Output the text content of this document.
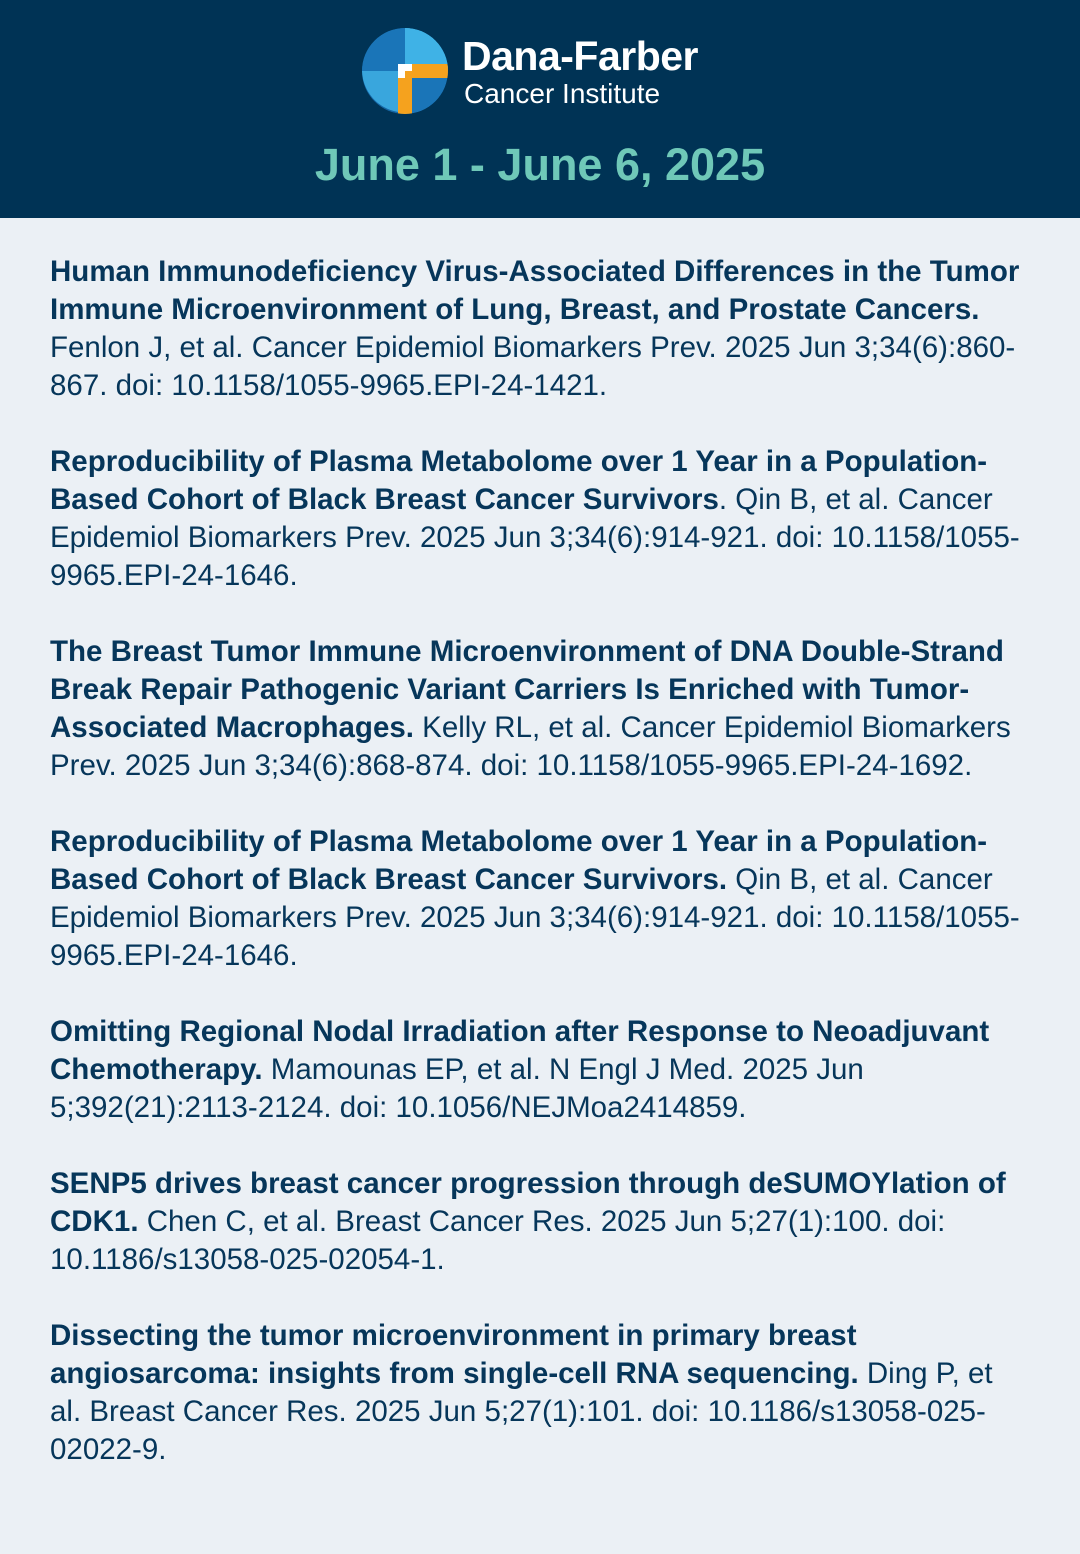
Dana-Farber
Cancer Institute
June 1 - June 6, 2025

Human Immunodeficiency Virus-Associated Differences in the Tumor Immune Microenvironment of Lung, Breast, and Prostate Cancers. Fenlon J, et al. Cancer Epidemiol Biomarkers Prev. 2025 Jun 3;34(6):860-867. doi: 10.1158/1055-9965.EPI-24-1421.

Reproducibility of Plasma Metabolome over 1 Year in a Population-Based Cohort of Black Breast Cancer Survivors. Qin B, et al. Cancer Epidemiol Biomarkers Prev. 2025 Jun 3;34(6):914-921. doi: 10.1158/1055-9965.EPI-24-1646.

The Breast Tumor Immune Microenvironment of DNA Double-Strand Break Repair Pathogenic Variant Carriers Is Enriched with Tumor-Associated Macrophages. Kelly RL, et al. Cancer Epidemiol Biomarkers Prev. 2025 Jun 3;34(6):868-874. doi: 10.1158/1055-9965.EPI-24-1692.

Reproducibility of Plasma Metabolome over 1 Year in a Population-Based Cohort of Black Breast Cancer Survivors. Qin B, et al. Cancer Epidemiol Biomarkers Prev. 2025 Jun 3;34(6):914-921. doi: 10.1158/1055-9965.EPI-24-1646.

Omitting Regional Nodal Irradiation after Response to Neoadjuvant Chemotherapy. Mamounas EP, et al. N Engl J Med. 2025 Jun 5;392(21):2113-2124. doi: 10.1056/NEJMoa2414859.

SENP5 drives breast cancer progression through deSUMOYlation of CDK1. Chen C, et al. Breast Cancer Res. 2025 Jun 5;27(1):100. doi: 10.1186/s13058-025-02054-1.

Dissecting the tumor microenvironment in primary breast angiosarcoma: insights from single-cell RNA sequencing. Ding P, et al. Breast Cancer Res. 2025 Jun 5;27(1):101. doi: 10.1186/s13058-025-02022-9.
